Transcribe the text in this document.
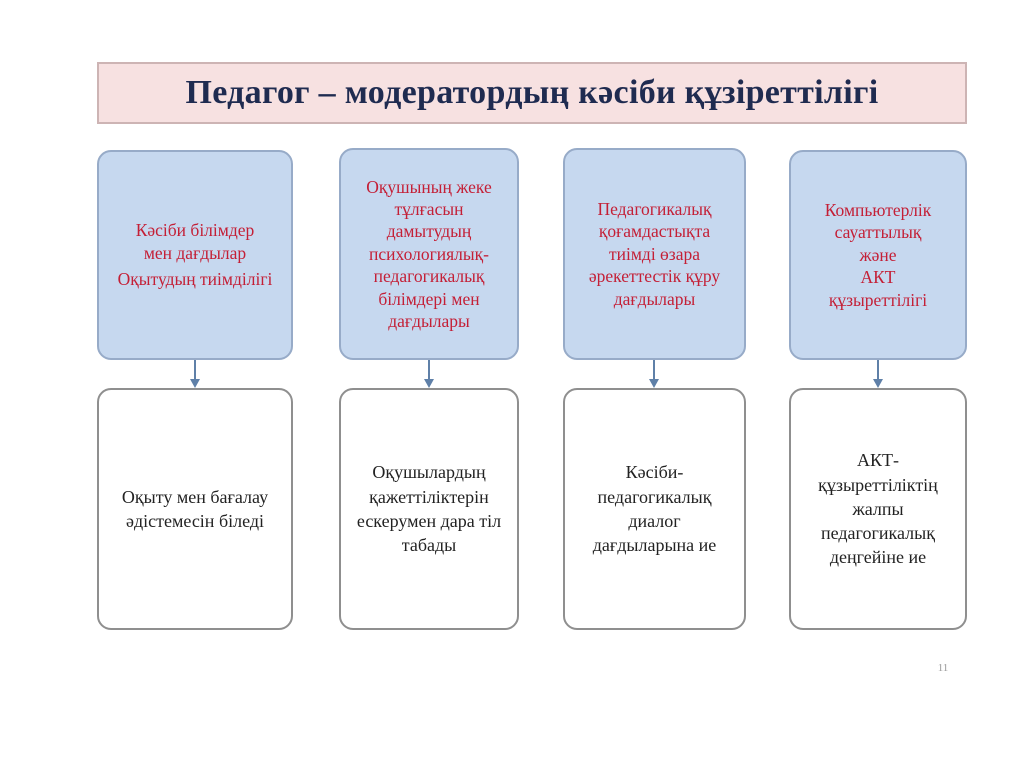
Педагог – модератордың кәсіби құзіреттілігі

Кәсіби білімдер
мен дағдылар

Оқытудың тиімділігі

Оқыту мен бағалау
әдістемесін біледі

Оқушының жеке
тұлғасын
дамытудың
психологиялық-
педагогикалық
білімдері мен
дағдылары

Оқушылардың
қажеттіліктерін
ескерумен дара тіл
табады

Педагогикалық
қоғамдастықта
тиімді өзара
әрекеттестік құру
дағдылары

Кәсіби-
педагогикалық
диалог
дағдыларына ие

Компьютерлік
сауаттылық
және
АКТ
құзыреттілігі

АКТ-
құзыреттіліктің
жалпы
педагогикалық
деңгейіне ие
11
